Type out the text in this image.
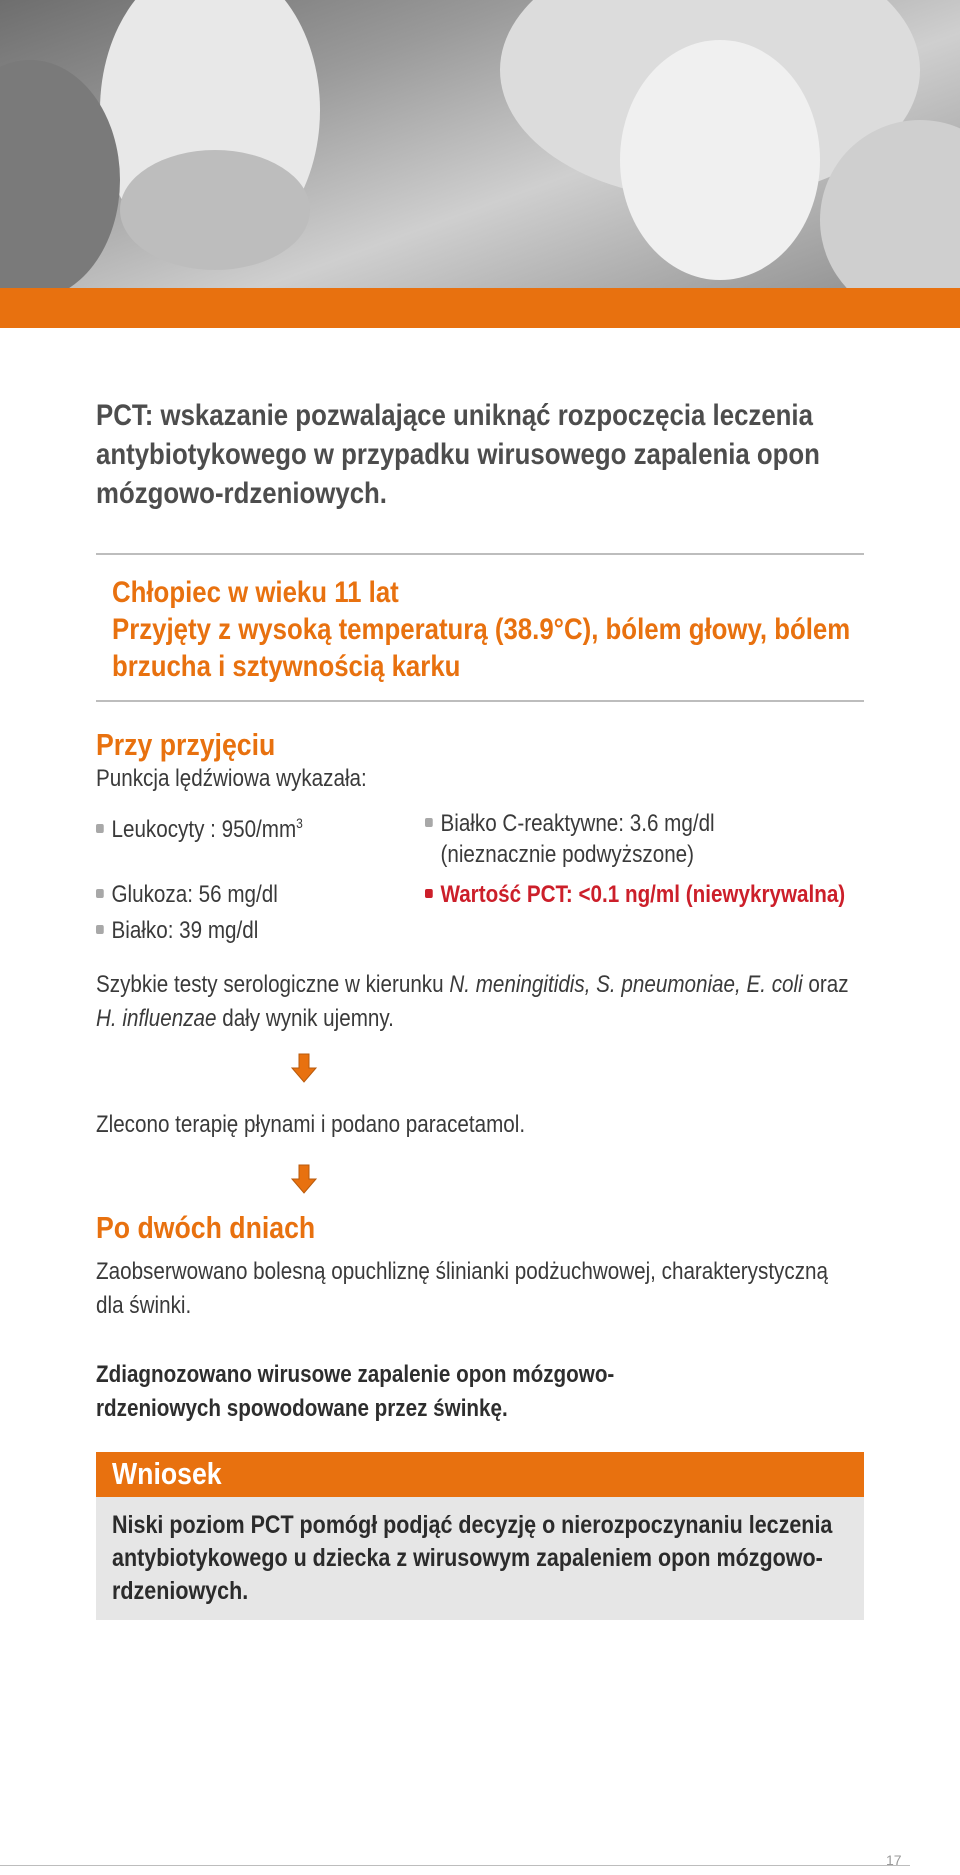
PCT: wskazanie pozwalające uniknąć rozpoczęcia leczenia antybiotykowego w przypadku wirusowego zapalenia opon mózgowo-rdzeniowych.
Chłopiec w wieku 11 lat
Przyjęty z wysoką temperaturą (38.9°C), bólem głowy, bólem brzucha i sztywnością karku
Przy przyjęciu
Punkcja lędźwiowa wykazała:
Leukocyty : $950/mm^3$
Glukoza: 56 mg/dl
Białko: 39 mg/dl
Białko C-reaktywne: 3.6 mg/dl
(nieznacznie podwyższone)
Wartość PCT: <0.1 ng/ml (niewykrywalna)
Szybkie testy serologiczne w kierunku N. meningitidis, S. pneumoniae, E. coli oraz
H. influenzae dały wynik ujemny.
Zlecono terapię płynami i podano paracetamol.
Po dwóch dniach
Zaobserwowano bolesną opuchliznę ślinianki podżuchwowej, charakterystyczną dla świnki.
Zdiagnozowano wirusowe zapalenie opon mózgowo-rdzeniowych spowodowane przez świnkę.
Wniosek
Niski poziom PCT pomógł podjąć decyzję o nierozpoczynaniu leczenia antybiotykowego u dziecka z wirusowym zapaleniem opon mózgowo-rdzeniowych.
17
